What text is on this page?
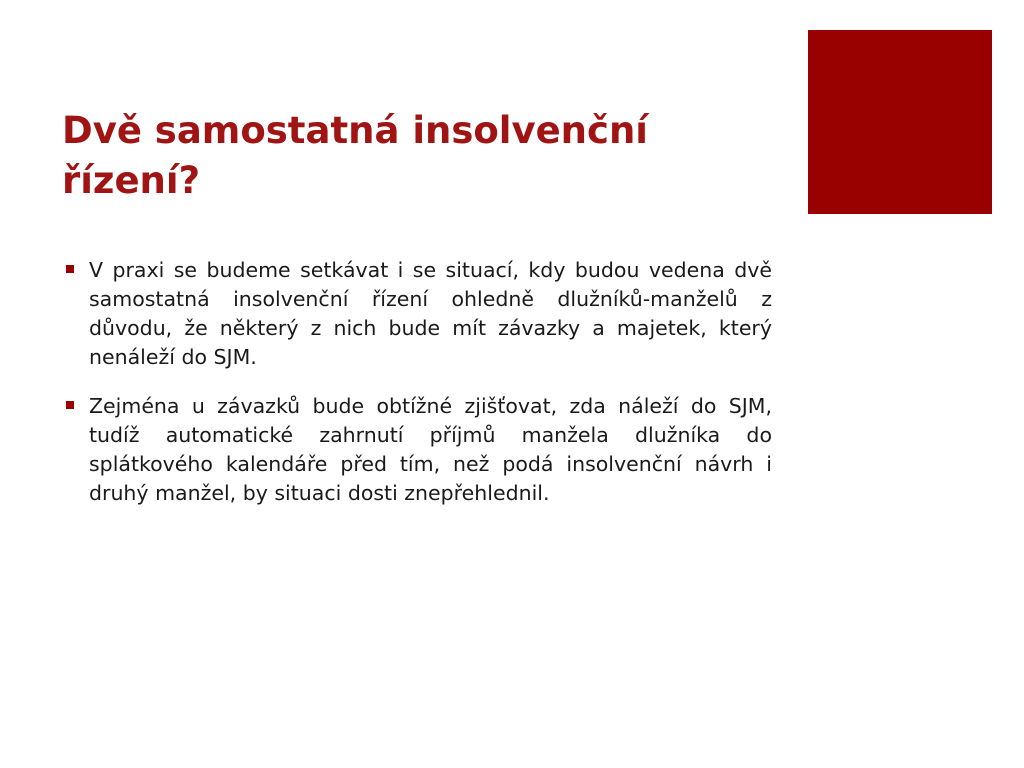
Dvě samostatná insolvenční řízení?
V praxi se budeme setkávat i se situací, kdy budou vedena dvě samostatná insolvenční řízení ohledně dlužníků-manželů z důvodu, že některý z nich bude mít závazky a majetek, který nenáleží do SJM.
Zejména u závazků bude obtížné zjišťovat, zda náleží do SJM, tudíž automatické zahrnutí příjmů manžela dlužníka do splátkového kalendáře před tím, než podá insolvenční návrh i druhý manžel, by situaci dosti znepřehlednil.
